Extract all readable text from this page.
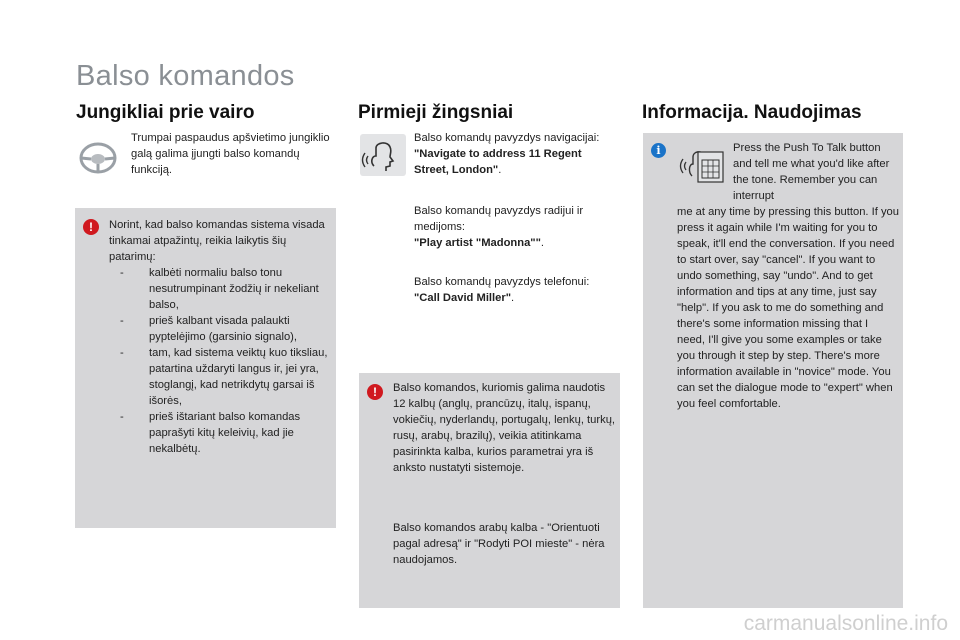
Balso komandos
Jungikliai prie vairo
Trumpai paspaudus apšvietimo jungiklio galą galima įjungti balso komandų funkciją.
!	Norint, kad balso komandas sistema visada tinkamai atpažintų, reikia laikytis šių patarimų:
- kalbėti normaliu balso tonu nesutrumpinant žodžių ir nekeliant balso,
- prieš kalbant visada palaukti pyptelėjimo (garsinio signalo),
- tam, kad sistema veiktų kuo tiksliau, patartina uždaryti langus ir, jei yra, stoglangį, kad netrikdytų garsai iš išorės,
- prieš ištariant balso komandas paprašyti kitų keleivių, kad jie nekalbėtų.
Pirmieji žingsniai
Balso komandų pavyzdys navigacijai:
"Navigate to address 11 Regent Street, London".
Balso komandų pavyzdys radijui ir medijoms:
"Play artist "Madonna"".
Balso komandų pavyzdys telefonui:
"Call David Miller".
!	Balso komandos, kuriomis galima naudotis 12 kalbų (anglų, prancūzų, italų, ispanų, vokiečių, nyderlandų, portugalų, lenkų, turkų, rusų, arabų, brazilų), veikia atitinkama pasirinkta kalba, kurios parametrai yra iš anksto nustatyti sistemoje.
Balso komandos arabų kalba - "Orientuoti pagal adresą" ir "Rodyti POI mieste" - nėra naudojamos.
Informacija. Naudojimas
i	Press the Push To Talk button and tell me what you'd like after the tone. Remember you can interrupt
me at any time by pressing this button. If you press it again while I'm waiting for you to speak, it'll end the conversation. If you need to start over, say "cancel". If you want to undo something, say "undo". And to get information and tips at any time, just say "help". If you ask to me do something and there's some information missing that I need, I'll give you some examples or take you through it step by step. There's more information available in "novice" mode. You can set the dialogue mode to "expert" when you feel comfortable.
carmanualsonline.info
